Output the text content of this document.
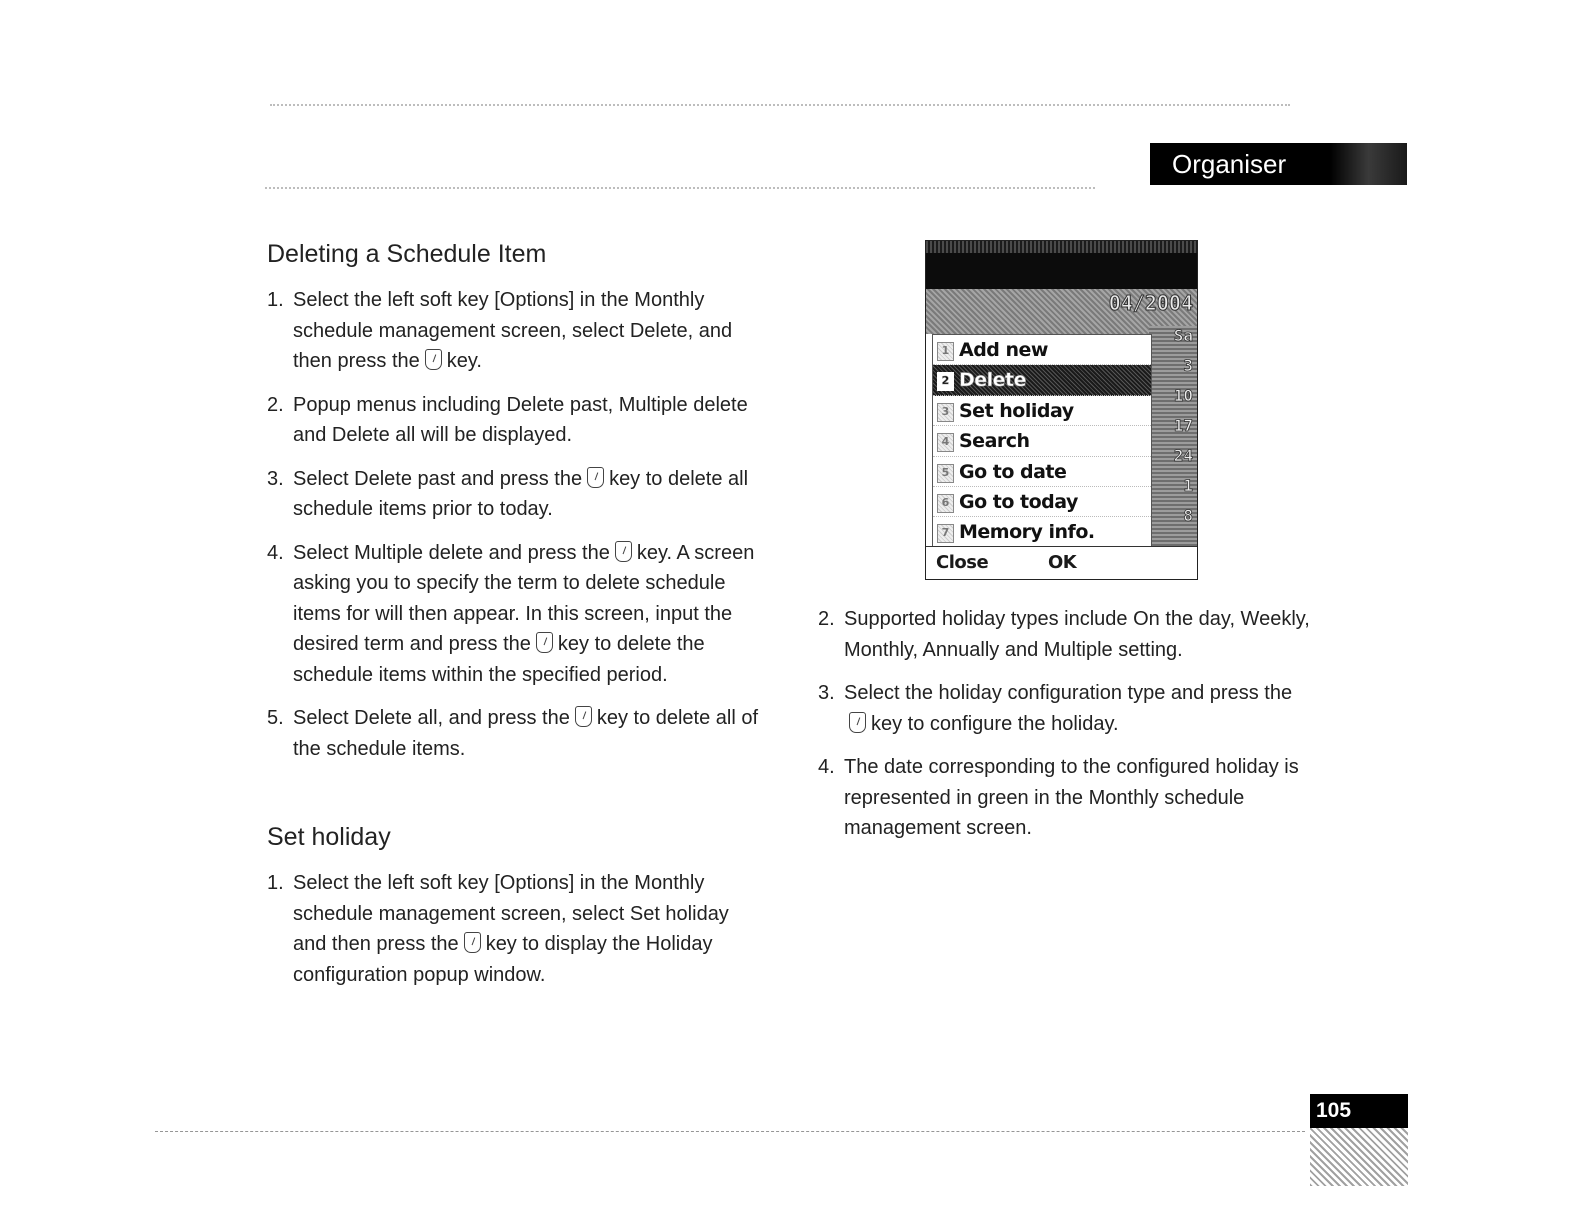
Organiser
Deleting a Schedule Item
1. Select the left soft key [Options] in the Monthly schedule management screen, select Delete, and then press the key.
2. Popup menus including Delete past, Multiple delete and Delete all will be displayed.
3. Select Delete past and press the key to delete all schedule items prior to today.
4. Select Multiple delete and press the key. A screen asking you to specify the term to delete schedule items for will then appear. In this screen, input the desired term and press the key to delete the schedule items within the specified period.
5. Select Delete all, and press the key to delete all of the schedule items.
Set holiday
1. Select the left soft key [Options] in the Monthly schedule management screen, select Set holiday and then press the key to display the Holiday configuration popup window.
04/2004
Sa
3
10
17
24
1
8
1 Add new
2 Delete
3 Set holiday
4 Search
5 Go to date
6 Go to today
7 Memory info.
Close	OK
2. Supported holiday types include On the day, Weekly, Monthly, Annually and Multiple setting.
3. Select the holiday configuration type and press thekey to configure the holiday.
4. The date corresponding to the configured holiday is represented in green in the Monthly schedule management screen.
105
